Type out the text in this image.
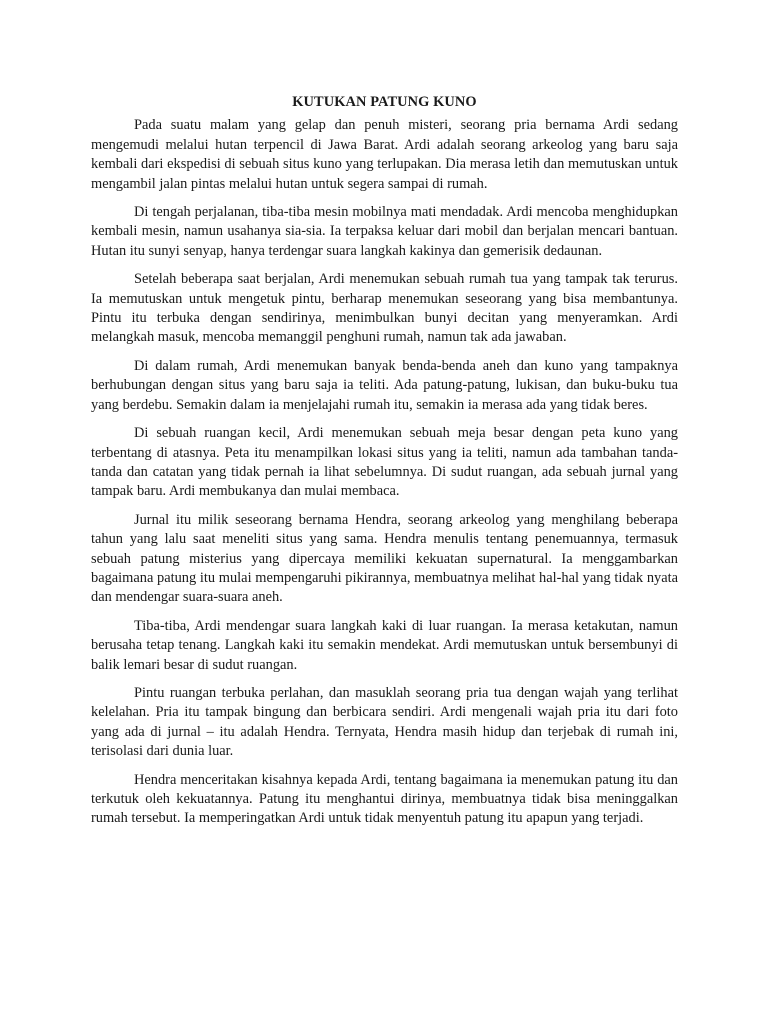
KUTUKAN PATUNG KUNO

Pada suatu malam yang gelap dan penuh misteri, seorang pria bernama Ardi sedang mengemudi melalui hutan terpencil di Jawa Barat. Ardi adalah seorang arkeolog yang baru saja kembali dari ekspedisi di sebuah situs kuno yang terlupakan. Dia merasa letih dan memutuskan untuk mengambil jalan pintas melalui hutan untuk segera sampai di rumah.

Di tengah perjalanan, tiba-tiba mesin mobilnya mati mendadak. Ardi mencoba menghidupkan kembali mesin, namun usahanya sia-sia. Ia terpaksa keluar dari mobil dan berjalan mencari bantuan. Hutan itu sunyi senyap, hanya terdengar suara langkah kakinya dan gemerisik dedaunan.

Setelah beberapa saat berjalan, Ardi menemukan sebuah rumah tua yang tampak tak terurus. Ia memutuskan untuk mengetuk pintu, berharap menemukan seseorang yang bisa membantunya. Pintu itu terbuka dengan sendirinya, menimbulkan bunyi decitan yang menyeramkan. Ardi melangkah masuk, mencoba memanggil penghuni rumah, namun tak ada jawaban.

Di dalam rumah, Ardi menemukan banyak benda-benda aneh dan kuno yang tampaknya berhubungan dengan situs yang baru saja ia teliti. Ada patung-patung, lukisan, dan buku-buku tua yang berdebu. Semakin dalam ia menjelajahi rumah itu, semakin ia merasa ada yang tidak beres.

Di sebuah ruangan kecil, Ardi menemukan sebuah meja besar dengan peta kuno yang terbentang di atasnya. Peta itu menampilkan lokasi situs yang ia teliti, namun ada tambahan tanda-tanda dan catatan yang tidak pernah ia lihat sebelumnya. Di sudut ruangan, ada sebuah jurnal yang tampak baru. Ardi membukanya dan mulai membaca.

Jurnal itu milik seseorang bernama Hendra, seorang arkeolog yang menghilang beberapa tahun yang lalu saat meneliti situs yang sama. Hendra menulis tentang penemuannya, termasuk sebuah patung misterius yang dipercaya memiliki kekuatan supernatural. Ia menggambarkan bagaimana patung itu mulai mempengaruhi pikirannya, membuatnya melihat hal-hal yang tidak nyata dan mendengar suara-suara aneh.

Tiba-tiba, Ardi mendengar suara langkah kaki di luar ruangan. Ia merasa ketakutan, namun berusaha tetap tenang. Langkah kaki itu semakin mendekat. Ardi memutuskan untuk bersembunyi di balik lemari besar di sudut ruangan.

Pintu ruangan terbuka perlahan, dan masuklah seorang pria tua dengan wajah yang terlihat kelelahan. Pria itu tampak bingung dan berbicara sendiri. Ardi mengenali wajah pria itu dari foto yang ada di jurnal – itu adalah Hendra. Ternyata, Hendra masih hidup dan terjebak di rumah ini, terisolasi dari dunia luar.

Hendra menceritakan kisahnya kepada Ardi, tentang bagaimana ia menemukan patung itu dan terkutuk oleh kekuatannya. Patung itu menghantui dirinya, membuatnya tidak bisa meninggalkan rumah tersebut. Ia memperingatkan Ardi untuk tidak menyentuh patung itu apapun yang terjadi.
